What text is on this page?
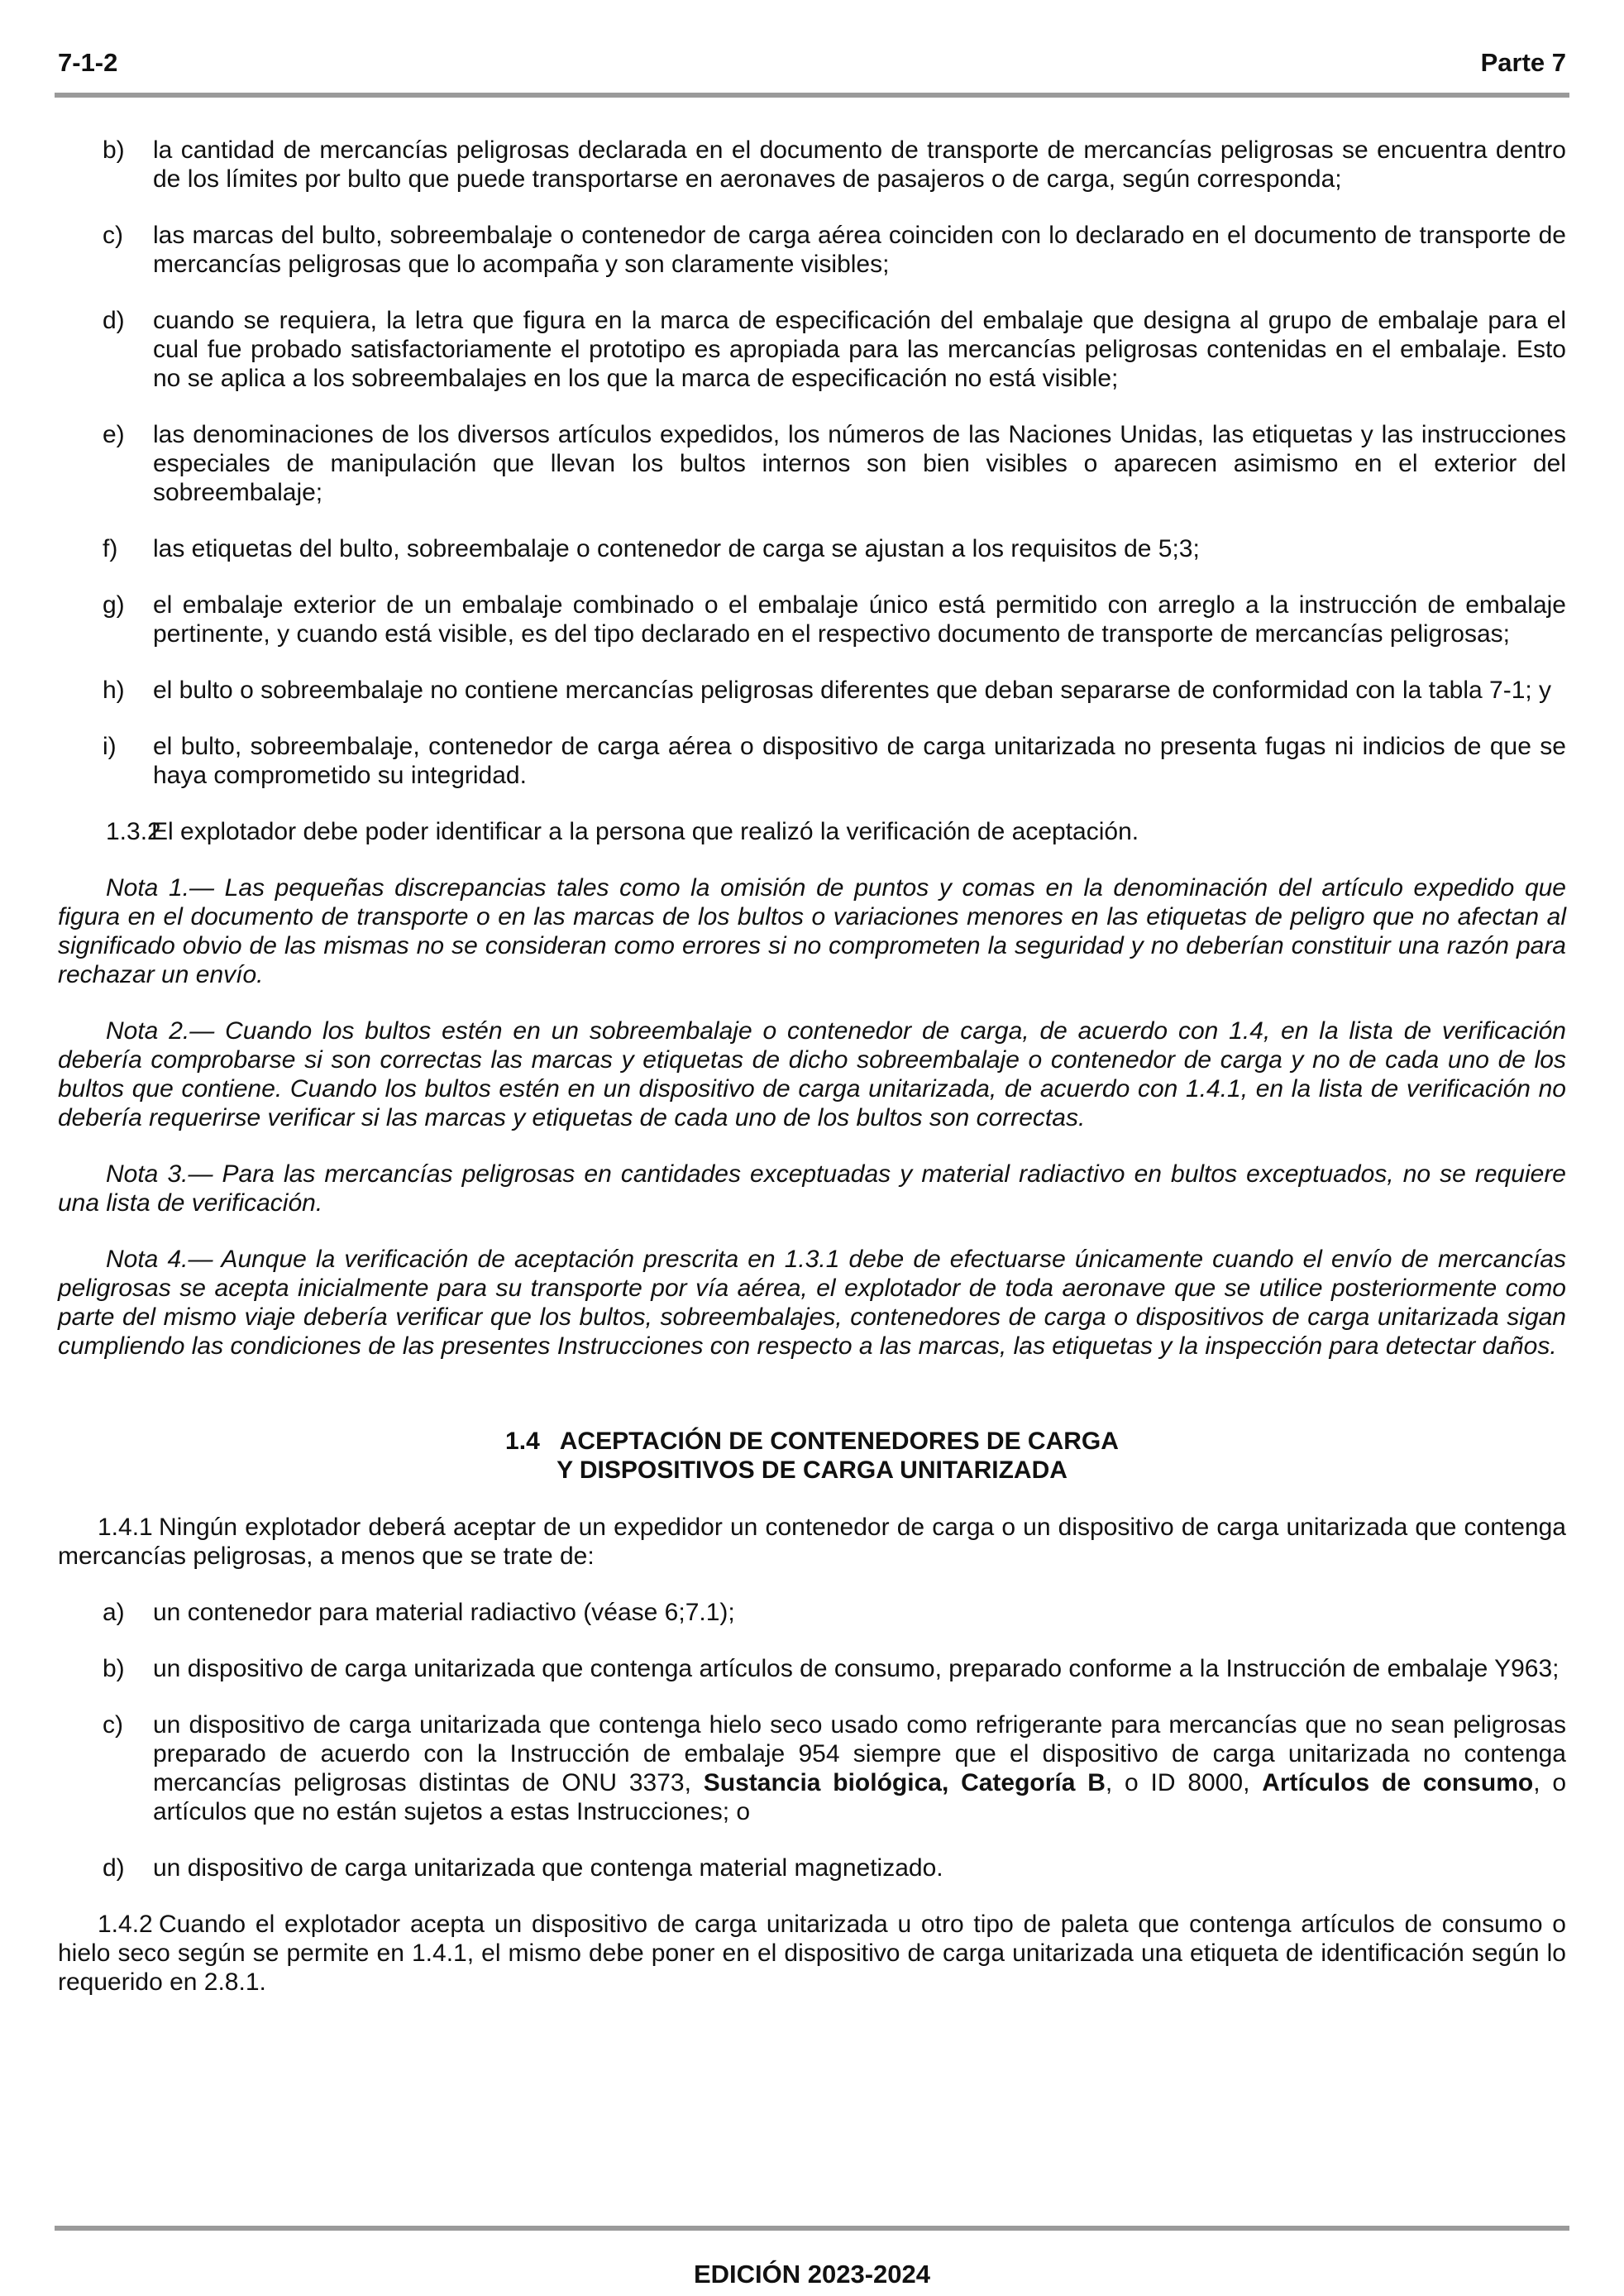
7-1-2	Parte 7
b) la cantidad de mercancías peligrosas declarada en el documento de transporte de mercancías peligrosas se encuentra dentro de los límites por bulto que puede transportarse en aeronaves de pasajeros o de carga, según corresponda;
c) las marcas del bulto, sobreembalaje o contenedor de carga aérea coinciden con lo declarado en el documento de transporte de mercancías peligrosas que lo acompaña y son claramente visibles;
d) cuando se requiera, la letra que figura en la marca de especificación del embalaje que designa al grupo de embalaje para el cual fue probado satisfactoriamente el prototipo es apropiada para las mercancías peligrosas contenidas en el embalaje. Esto no se aplica a los sobreembalajes en los que la marca de especificación no está visible;
e) las denominaciones de los diversos artículos expedidos, los números de las Naciones Unidas, las etiquetas y las instrucciones especiales de manipulación que llevan los bultos internos son bien visibles o aparecen asimismo en el exterior del sobreembalaje;
f) las etiquetas del bulto, sobreembalaje o contenedor de carga se ajustan a los requisitos de 5;3;
g) el embalaje exterior de un embalaje combinado o el embalaje único está permitido con arreglo a la instrucción de embalaje pertinente, y cuando está visible, es del tipo declarado en el respectivo documento de transporte de mercancías peligrosas;
h) el bulto o sobreembalaje no contiene mercancías peligrosas diferentes que deban separarse de conformidad con la tabla 7-1; y
i) el bulto, sobreembalaje, contenedor de carga aérea o dispositivo de carga unitarizada no presenta fugas ni indicios de que se haya comprometido su integridad.
1.3.2El explotador debe poder identificar a la persona que realizó la verificación de aceptación.
Nota 1.— Las pequeñas discrepancias tales como la omisión de puntos y comas en la denominación del artículo expedido que figura en el documento de transporte o en las marcas de los bultos o variaciones menores en las etiquetas de peligro que no afectan al significado obvio de las mismas no se consideran como errores si no comprometen la seguridad y no deberían constituir una razón para rechazar un envío.
Nota 2.— Cuando los bultos estén en un sobreembalaje o contenedor de carga, de acuerdo con 1.4, en la lista de verificación debería comprobarse si son correctas las marcas y etiquetas de dicho sobreembalaje o contenedor de carga y no de cada uno de los bultos que contiene. Cuando los bultos estén en un dispositivo de carga unitarizada, de acuerdo con 1.4.1, en la lista de verificación no debería requerirse verificar si las marcas y etiquetas de cada uno de los bultos son correctas.
Nota 3.— Para las mercancías peligrosas en cantidades exceptuadas y material radiactivo en bultos exceptuados, no se requiere una lista de verificación.
Nota 4.— Aunque la verificación de aceptación prescrita en 1.3.1 debe de efectuarse únicamente cuando el envío de mercancías peligrosas se acepta inicialmente para su transporte por vía aérea, el explotador de toda aeronave que se utilice posteriormente como parte del mismo viaje debería verificar que los bultos, sobreembalajes, contenedores de carga o dispositivos de carga unitarizada sigan cumpliendo las condiciones de las presentes Instrucciones con respecto a las marcas, las etiquetas y la inspección para detectar daños.
1.4 ACEPTACIÓN DE CONTENEDORES DE CARGA
Y DISPOSITIVOS DE CARGA UNITARIZADA
1.4.1 Ningún explotador deberá aceptar de un expedidor un contenedor de carga o un dispositivo de carga unitarizada que contenga mercancías peligrosas, a menos que se trate de:
a) un contenedor para material radiactivo (véase 6;7.1);
b) un dispositivo de carga unitarizada que contenga artículos de consumo, preparado conforme a la Instrucción de embalaje Y963;
c) un dispositivo de carga unitarizada que contenga hielo seco usado como refrigerante para mercancías que no sean peligrosas preparado de acuerdo con la Instrucción de embalaje 954 siempre que el dispositivo de carga unitarizada no contenga mercancías peligrosas distintas de ONU 3373, Sustancia biológica, Categoría B, o ID 8000, Artículos de consumo, o artículos que no están sujetos a estas Instrucciones; o
d) un dispositivo de carga unitarizada que contenga material magnetizado.
1.4.2 Cuando el explotador acepta un dispositivo de carga unitarizada u otro tipo de paleta que contenga artículos de consumo o hielo seco según se permite en 1.4.1, el mismo debe poner en el dispositivo de carga unitarizada una etiqueta de identificación según lo requerido en 2.8.1.
EDICIÓN 2023-2024
